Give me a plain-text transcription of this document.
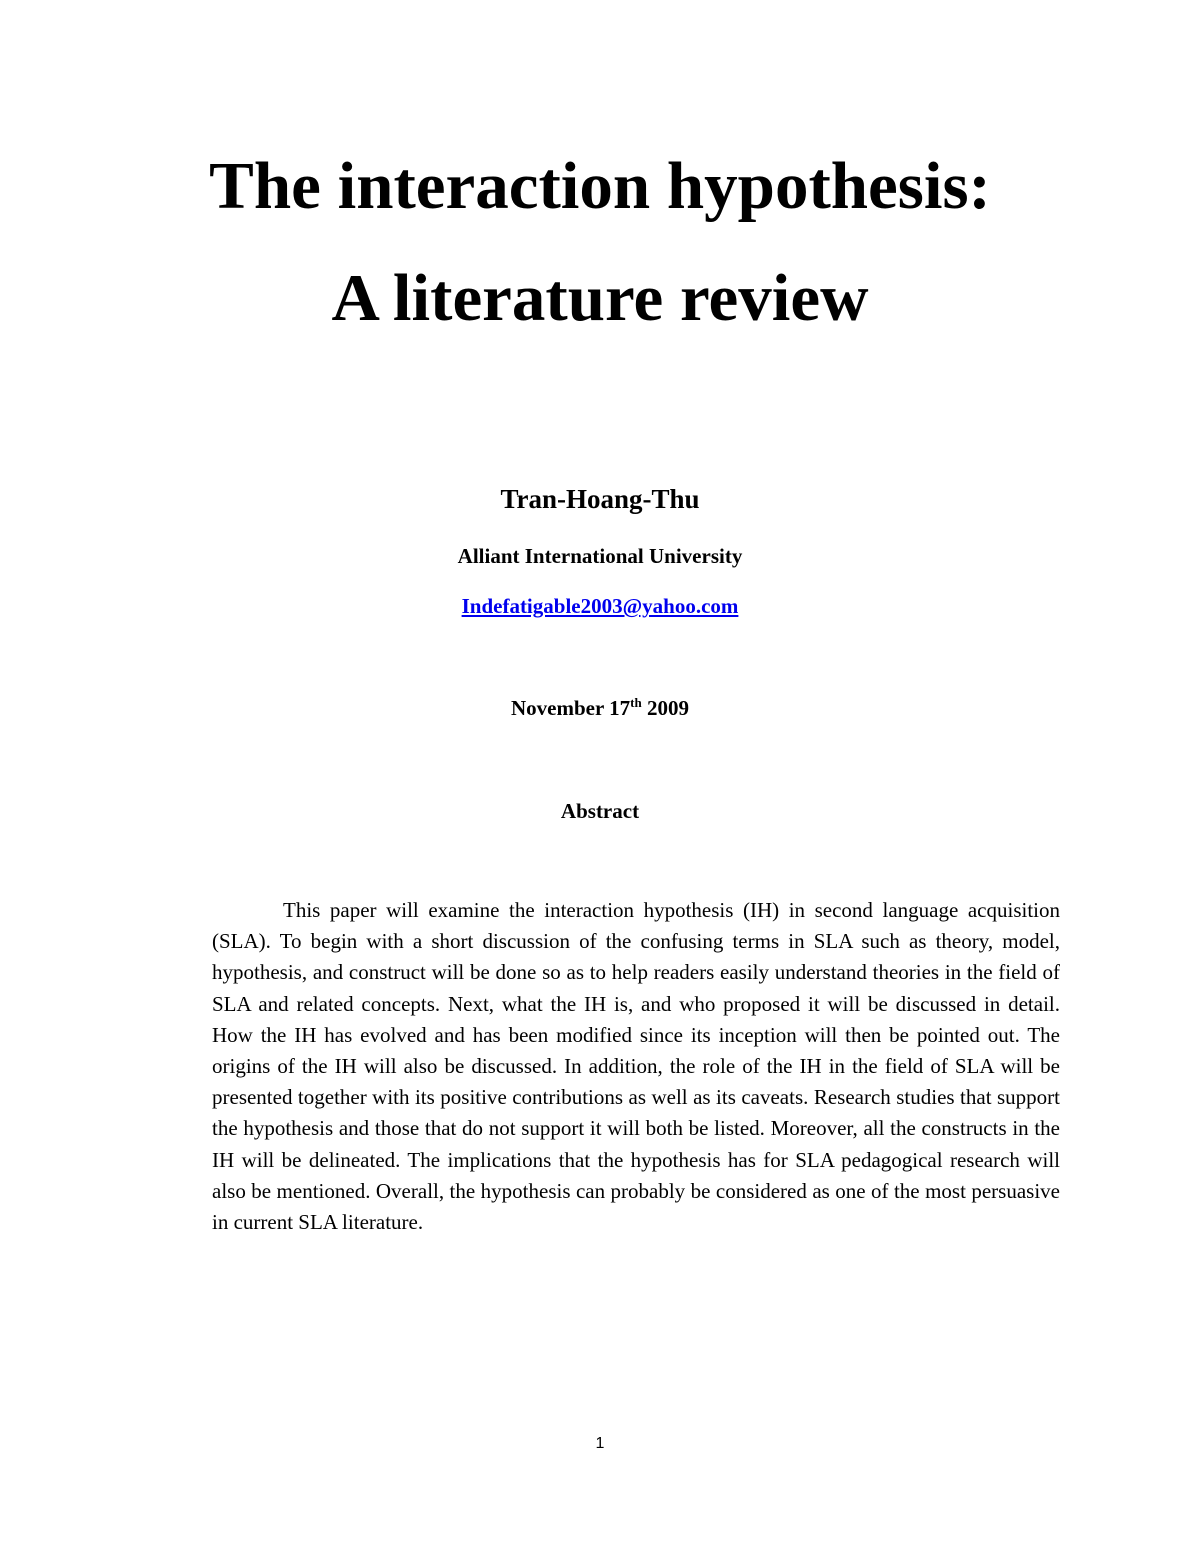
The interaction hypothesis:
A literature review
Tran-Hoang-Thu
Alliant International University
Indefatigable2003@yahoo.com
November 17th 2009
Abstract

This paper will examine the interaction hypothesis (IH) in second language acquisition (SLA). To begin with a short discussion of the confusing terms in SLA such as theory, model, hypothesis, and construct will be done so as to help readers easily understand theories in the field of SLA and related concepts. Next, what the IH is, and who proposed it will be discussed in detail. How the IH has evolved and has been modified since its inception will then be pointed out. The origins of the IH will also be discussed. In addition, the role of the IH in the field of SLA will be presented together with its positive contributions as well as its caveats. Research studies that support the hypothesis and those that do not support it will both be listed. Moreover, all the constructs in the IH will be delineated. The implications that the hypothesis has for SLA pedagogical research will also be mentioned. Overall, the hypothesis can probably be considered as one of the most persuasive in current SLA literature.

1
